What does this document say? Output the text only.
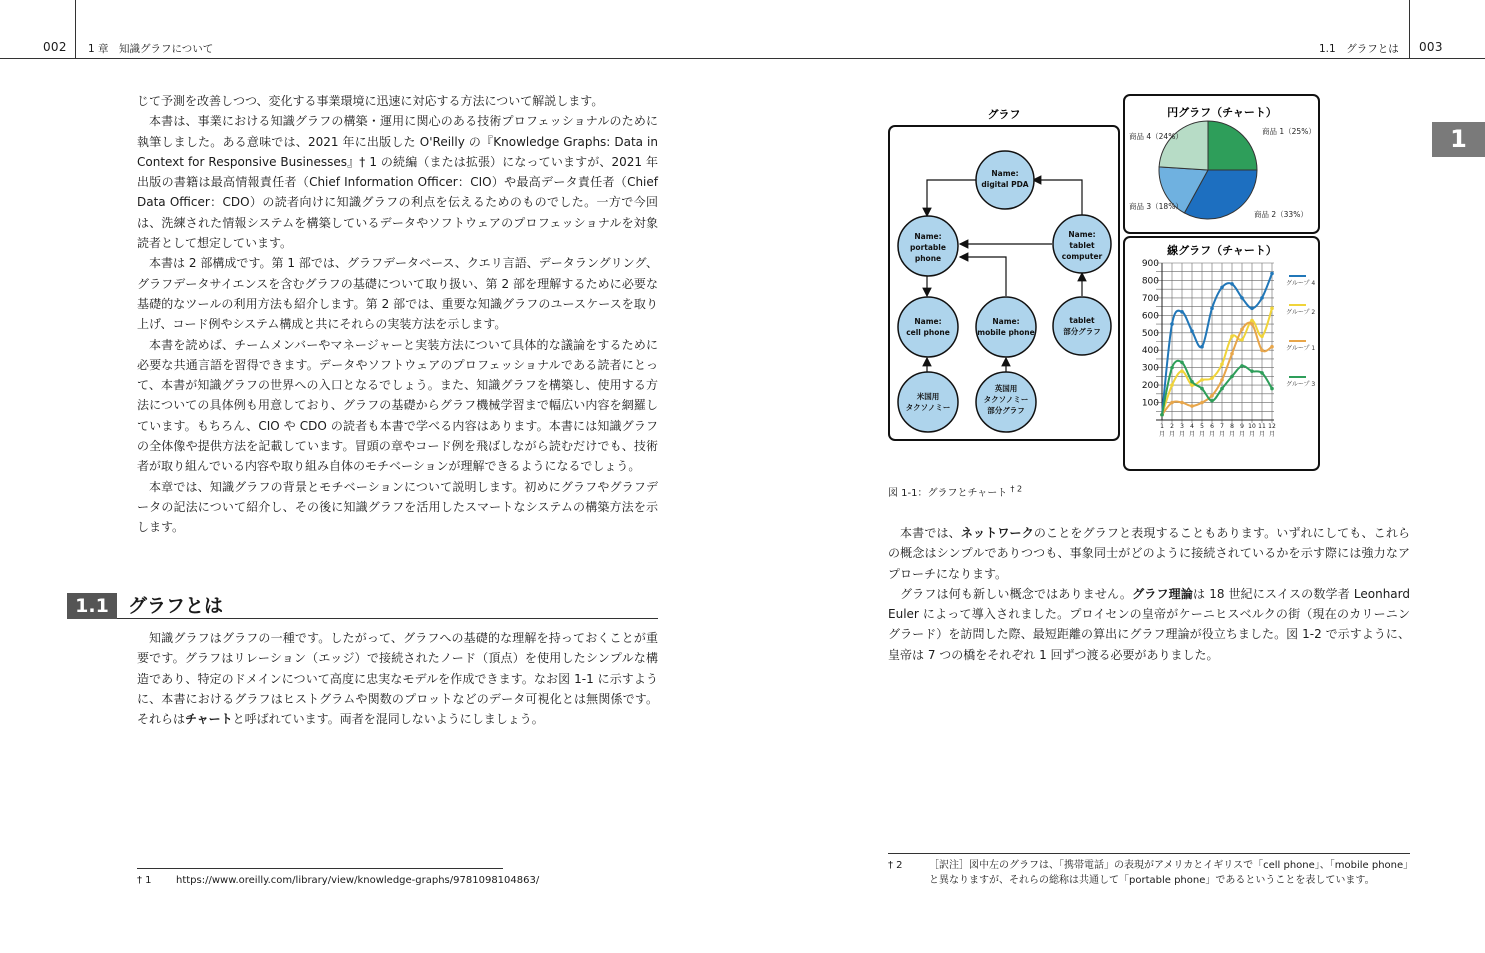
002 1 章　知識グラフについて

じて予測を改善しつつ、変化する事業環境に迅速に対応する方法について解説します。

本書は、事業における知識グラフの構築・運用に関心のある技術プロフェッショナルのために執筆しました。ある意味では、2021 年に出版した O'Reilly の『Knowledge Graphs: Data in Context for Responsive Businesses』† 1 の続編（または拡張）になっていますが、2021 年出版の書籍は最高情報責任者（Chief Information Officer：CIO）や最高データ責任者（Chief Data Officer：CDO）の読者向けに知識グラフの利点を伝えるためのものでした。一方で今回は、洗練された情報システムを構築しているデータやソフトウェアのプロフェッショナルを対象読者として想定しています。

本書は 2 部構成です。第 1 部では、グラフデータベース、クエリ言語、データラングリング、グラフデータサイエンスを含むグラフの基礎について取り扱い、第 2 部を理解するために必要な基礎的なツールの利用方法も紹介します。第 2 部では、重要な知識グラフのユースケースを取り上げ、コード例やシステム構成と共にそれらの実装方法を示します。

本書を読めば、チームメンバーやマネージャーと実装方法について具体的な議論をするために必要な共通言語を習得できます。データやソフトウェアのプロフェッショナルである読者にとって、本書が知識グラフの世界への入口となるでしょう。また、知識グラフを構築し、使用する方法についての具体例も用意しており、グラフの基礎からグラフ機械学習まで幅広い内容を網羅しています。もちろん、CIO や CDO の読者も本書で学べる内容はあります。本書には知識グラフの全体像や提供方法を記載しています。冒頭の章やコード例を飛ばしながら読むだけでも、技術者が取り組んでいる内容や取り組み自体のモチベーションが理解できるようになるでしょう。

本章では、知識グラフの背景とモチベーションについて説明します。初めにグラフやグラフデータの記法について紹介し、その後に知識グラフを活用したスマートなシステムの構築方法を示します。

1.1	グラフとは

知識グラフはグラフの一種です。したがって、グラフへの基礎的な理解を持っておくことが重要です。グラフはリレーション（エッジ）で接続されたノード（頂点）を使用したシンプルな構造であり、特定のドメインについて高度に忠実なモデルを作成できます。なお図 1-1 に示すように、本書におけるグラフはヒストグラムや関数のプロットなどのデータ可視化とは無関係です。それらはチャートと呼ばれています。両者を混同しないようにしましょう。

† 1 https://www.oreilly.com/library/view/knowledge-graphs/9781098104863/
1.1　グラフとは 003
1
グラフ
Name:
digital PDA
Name:
portable
phone
Name:
tablet
computer
Name:
cell phone
Name:
mobile phone
tablet
部分グラフ
米国用
タクソノミー
英国用
タクソノミー
部分グラフ
円グラフ（チャート）
商品 1（25%）
商品 2（33%）
商品 3（18%）
商品 4（24%）
線グラフ（チャート）
100
200
300
400
500
600
700
800
900
1
月
2
月
3
月
4
月
5
月
6
月
7
月
8
月
9
月
10
月
11
月
12
月
グループ 4
グループ 2
グループ 1
グループ 3
図 1-1：グラフとチャート $^{\dagger 2}$

本書では、ネットワークのことをグラフと表現することもあります。いずれにしても、これらの概念はシンプルでありつつも、事象同士がどのように接続されているかを示す際には強力なアプローチになります。

グラフは何も新しい概念ではありません。グラフ理論は 18 世紀にスイスの数学者 Leonhard Euler によって導入されました。プロイセンの皇帝がケーニヒスベルクの街（現在のカリーニングラード）を訪問した際、最短距離の算出にグラフ理論が役立ちました。図 1-2 で示すように、皇帝は 7 つの橋をそれぞれ 1 回ずつ渡る必要がありました。

† 2	［訳注］図中左のグラフは、「携帯電話」の表現がアメリカとイギリスで「cell phone」、「mobile phone」と異なりますが、それらの総称は共通して「portable phone」であるということを表しています。
